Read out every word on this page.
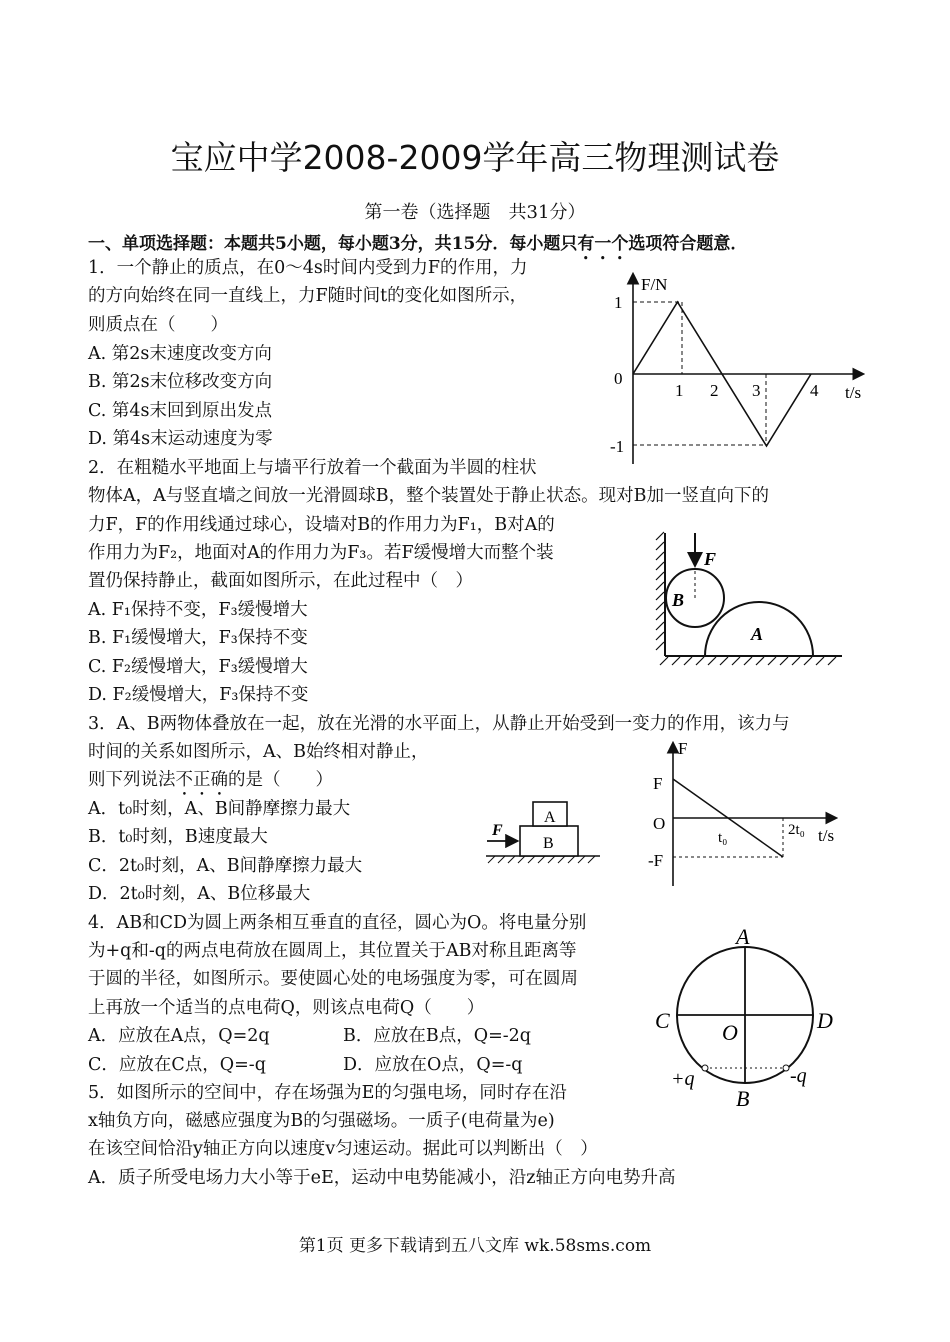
宝应中学2008-2009学年高三物理测试卷
第一卷（选择题　共31分）
一、单项选择题：本题共5小题，每小题3分，共15分．每小题只有一个选项符合题意．
1．一个静止的质点，在0～4s时间内受到力F的作用，力
的方向始终在同一直线上，力F随时间t的变化如图所示，
则质点在（　　）
A. 第2s末速度改变方向
B. 第2s末位移改变方向
C. 第4s末回到原出发点
D. 第4s末运动速度为零
F/N
t/s
1
0
-1
1 2 3	4
2．在粗糙水平地面上与墙平行放着一个截面为半圆的柱状
物体A，A与竖直墙之间放一光滑圆球B，整个装置处于静止状态。现对B加一竖直向下的
力F，F的作用线通过球心，设墙对B的作用力为F₁，B对A的
作用力为F₂，地面对A的作用力为F₃。若F缓慢增大而整个装
置仍保持静止，截面如图所示，在此过程中（　）
A. F₁保持不变，F₃缓慢增大
B. F₁缓慢增大，F₃保持不变
C. F₂缓慢增大，F₃缓慢增大
D. F₂缓慢增大，F₃保持不变
F
B
A
3．A、B两物体叠放在一起，放在光滑的水平面上，从静止开始受到一变力的作用，该力与
时间的关系如图所示，A、B始终相对静止，
则下列说法不正确的是（　　）
A．t₀时刻，A、B间静摩擦力最大
B．t₀时刻，B速度最大
C．2t₀时刻，A、B间静摩擦力最大
D．2t₀时刻，A、B位移最大
F
A
B
F
F
O
-F
t₀	2t₀ t/s
4．AB和CD为圆上两条相互垂直的直径，圆心为O。将电量分别
为+q和-q的两点电荷放在圆周上，其位置关于AB对称且距离等
于圆的半径，如图所示。要使圆心处的电场强度为零，可在圆周
上再放一个适当的点电荷Q，则该点电荷Q（　　）
A．应放在A点，Q=2q	B．应放在B点，Q=-2q
C．应放在C点，Q=-q	D．应放在O点，Q=-q
A
B
C	D
O
+q	-q
5．如图所示的空间中，存在场强为E的匀强电场，同时存在沿
x轴负方向，磁感应强度为B的匀强磁场。一质子(电荷量为e)
在该空间恰沿y轴正方向以速度v匀速运动。据此可以判断出（　）
A．质子所受电场力大小等于eE，运动中电势能减小，沿z轴正方向电势升高
第1页 更多下载请到五八文库 wk.58sms.com
